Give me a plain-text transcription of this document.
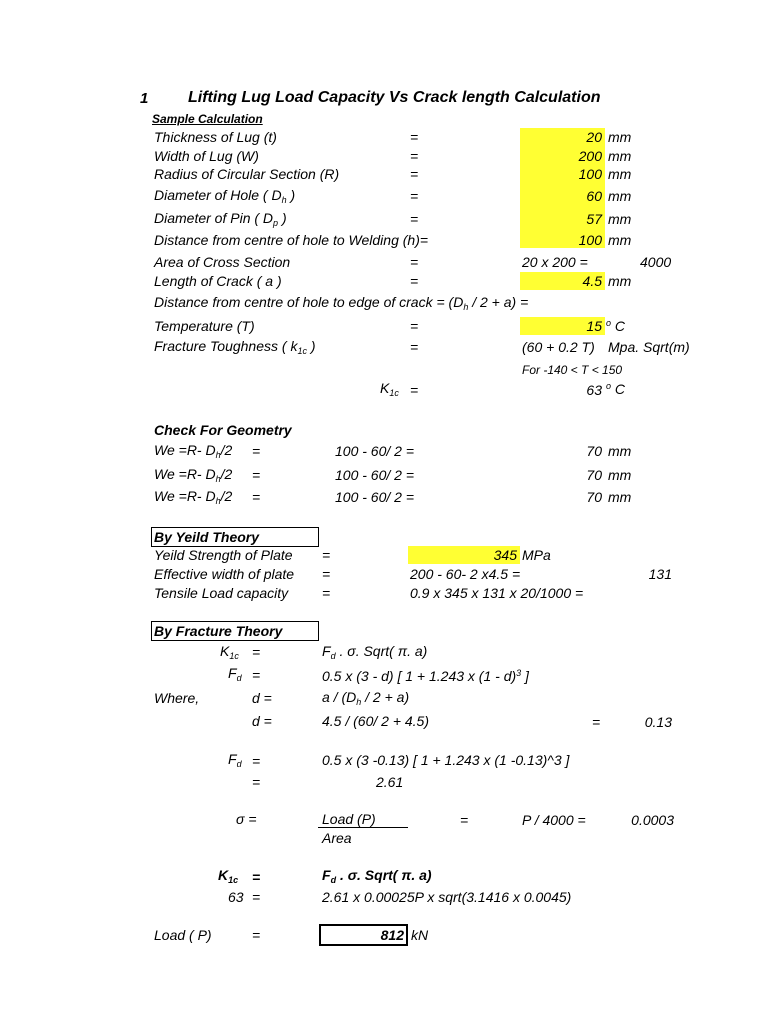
1 Lifting Lug Load Capacity Vs Crack length Calculation
Sample Calculation
Thickness of Lug (t)	=	20 mm
Width of Lug (W)	=	200 mm
Radius of Circular Section (R)	=	100 mm
Diameter of Hole ( $D_h$ )	=	60 mm
Diameter of Pin ( $D_p$ )	=	57 mm
Distance from centre of hole to Welding (h)=	100 mm
Area of Cross Section	=	20 x 200 =	4000
Length of Crack ( a )	=	4.5 mm
Distance from centre of hole to edge of crack = $(D_h / 2 + a)$ =
Temperature (T)	=	15 $^o$ C
Fracture Toughness ( $k_{1c}$ )	=	(60 + 0.2 T) Mpa. Sqrt(m)
For -140 < T < 150
$K_{1c}$ =	63 $^o$ C
Check For Geometry
We =R- $D_h/2$ =	100 - 60/ 2 =	70 mm
We =R- $D_h/2$ =	100 - 60/ 2 =	70 mm
We =R- $D_h/2$ =	100 - 60/ 2 =	70 mm
By Yeild Theory
Yeild Strength of Plate =	345 MPa
Effective width of plate =	200 - 60- 2 x4.5 =	131
Tensile Load capacity =	0.9 x 345 x 131 x 20/1000 =
By Fracture Theory
$K_{1c}$ =	$F_d$ . σ. Sqrt( π. a)
$F_d$ =	0.5 x (3 - d) [ 1 + 1.243 x (1 - d)$^3$ ]
Where,	d =	$a / (D_h / 2 + a)$
d =	4.5 / (60/ 2 + 4.5)	=	0.13
$F_d$ =	0.5 x (3 -0.13) [ 1 + 1.243 x (1 -0.13)^3 ]
=	2.61
σ =	Load (P)
Area
=	P / 4000 =	0.0003
$K_{1c}$ =	$F_d$ . σ. Sqrt( π. a)
63 =	2.61 x 0.00025P x sqrt(3.1416 x 0.0045)
Load ( P)	=	812 kN
